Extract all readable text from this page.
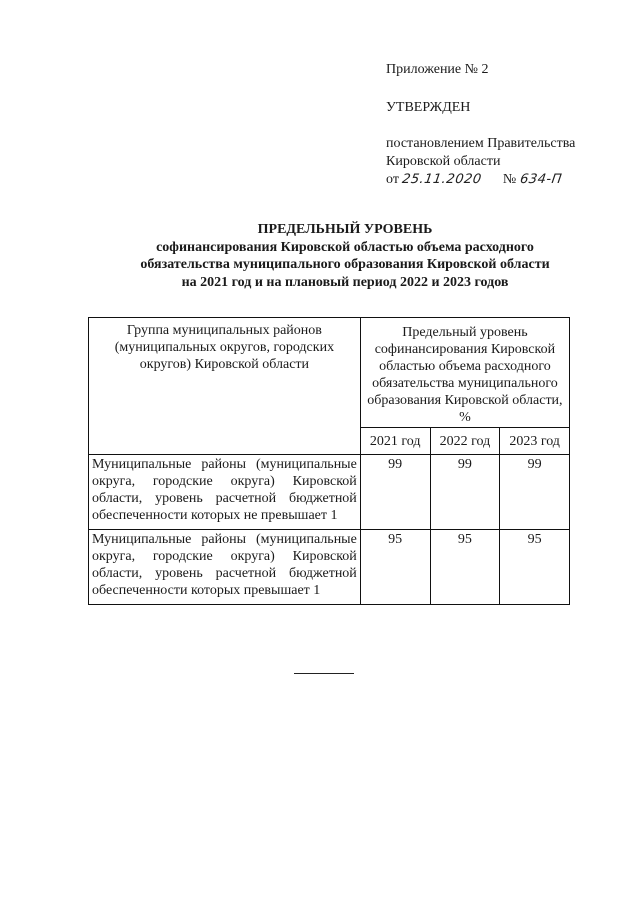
Приложение № 2
УТВЕРЖДЕН
постановлением Правительства
Кировской области
от 25.11.2020 № 634-П
ПРЕДЕЛЬНЫЙ УРОВЕНЬ
софинансирования Кировской областью объема расходного
обязательства муниципального образования Кировской области
на 2021 год и на плановый период 2022 и 2023 годов
Группа муниципальных районов (муниципальных округов, городских округов) Кировской области	Предельный уровень софинансирования Кировской областью объема расходного обязательства муниципального образования Кировской области, %		
	2021 год	2022 год	2023 год
Муниципальные районы (муниципальные округа, городские округа) Кировской области, уровень расчетной бюджетной обеспеченности которых не превышает 1	99	99	99
Муниципальные районы (муниципальные округа, городские округа) Кировской области, уровень расчетной бюджетной обеспеченности которых превышает 1	95	95	95
